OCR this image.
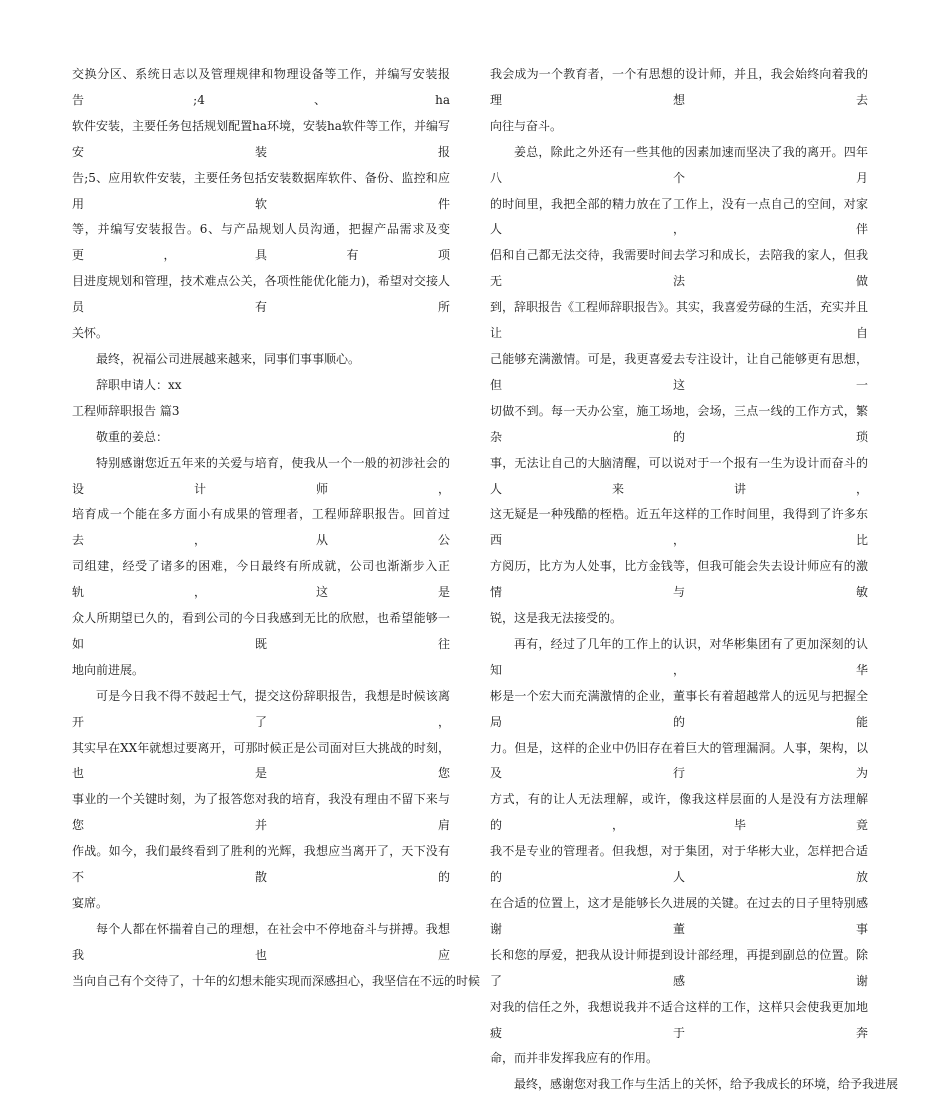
交换分区、系统日志以及管理规律和物理设备等工作，并编写安装报告;4、ha
软件安装，主要任务包括规划配置ha环境，安装ha软件等工作，并编写安装报
告;5、应用软件安装，主要任务包括安装数据库软件、备份、监控和应用软件
等，并编写安装报告。6、与产品规划人员沟通，把握产品需求及变更，具有项
目进度规划和管理，技术难点公关，各项性能优化能力)，希望对交接人员有所
关怀。
最终，祝福公司进展越来越来，同事们事事顺心。
辞职申请人：xx
工程师辞职报告 篇3
敬重的姜总：
特别感谢您近五年来的关爱与培育，使我从一个一般的初涉社会的设计师，
培育成一个能在多方面小有成果的管理者，工程师辞职报告。回首过去，从公
司组建，经受了诸多的困难，今日最终有所成就，公司也渐渐步入正轨，这是
众人所期望已久的，看到公司的今日我感到无比的欣慰，也希望能够一如既往
地向前进展。
可是今日我不得不鼓起士气，提交这份辞职报告，我想是时候该离开了，
其实早在XX年就想过要离开，可那时候正是公司面对巨大挑战的时刻，也是您
事业的一个关键时刻，为了报答您对我的培育，我没有理由不留下来与您并肩
作战。如今，我们最终看到了胜利的光辉，我想应当离开了，天下没有不散的
宴席。
每个人都在怀揣着自己的理想，在社会中不停地奋斗与拼搏。我想我也应
当向自己有个交待了，十年的幻想未能实现而深感担心，我坚信在不远的时候
我会成为一个教育者，一个有思想的设计师，并且，我会始终向着我的理想去
向往与奋斗。
姜总，除此之外还有一些其他的因素加速而坚决了我的离开。四年八个月
的时间里，我把全部的精力放在了工作上，没有一点自己的空间，对家人，伴
侣和自己都无法交待，我需要时间去学习和成长，去陪我的家人，但我无法做
到，辞职报告《工程师辞职报告》。其实，我喜爱劳碌的生活，充实并且让自
己能够充满激情。可是，我更喜爱去专注设计，让自己能够更有思想，但这一
切做不到。每一天办公室，施工场地，会场，三点一线的工作方式，繁杂的琐
事，无法让自己的大脑清醒，可以说对于一个报有一生为设计而奋斗的人来讲，
这无疑是一种残酷的桎梏。近五年这样的工作时间里，我得到了许多东西，比
方阅历，比方为人处事，比方金钱等，但我可能会失去设计师应有的激情与敏
锐，这是我无法接受的。
再有，经过了几年的工作上的认识，对华彬集团有了更加深刻的认知，华
彬是一个宏大而充满激情的企业，董事长有着超越常人的远见与把握全局的能
力。但是，这样的企业中仍旧存在着巨大的管理漏洞。人事，架构，以及行为
方式，有的让人无法理解，或许，像我这样层面的人是没有方法理解的，毕竟
我不是专业的管理者。但我想，对于集团，对于华彬大业，怎样把合适的人放
在合适的位置上，这才是能够长久进展的关键。在过去的日子里特别感谢董事
长和您的厚爱，把我从设计师提到设计部经理，再提到副总的位置。除了感谢
对我的信任之外，我想说我并不适合这样的工作，这样只会使我更加地疲于奔
命，而并非发挥我应有的作用。
最终，感谢您对我工作与生活上的关怀，给予我成长的环境，给予我进展
